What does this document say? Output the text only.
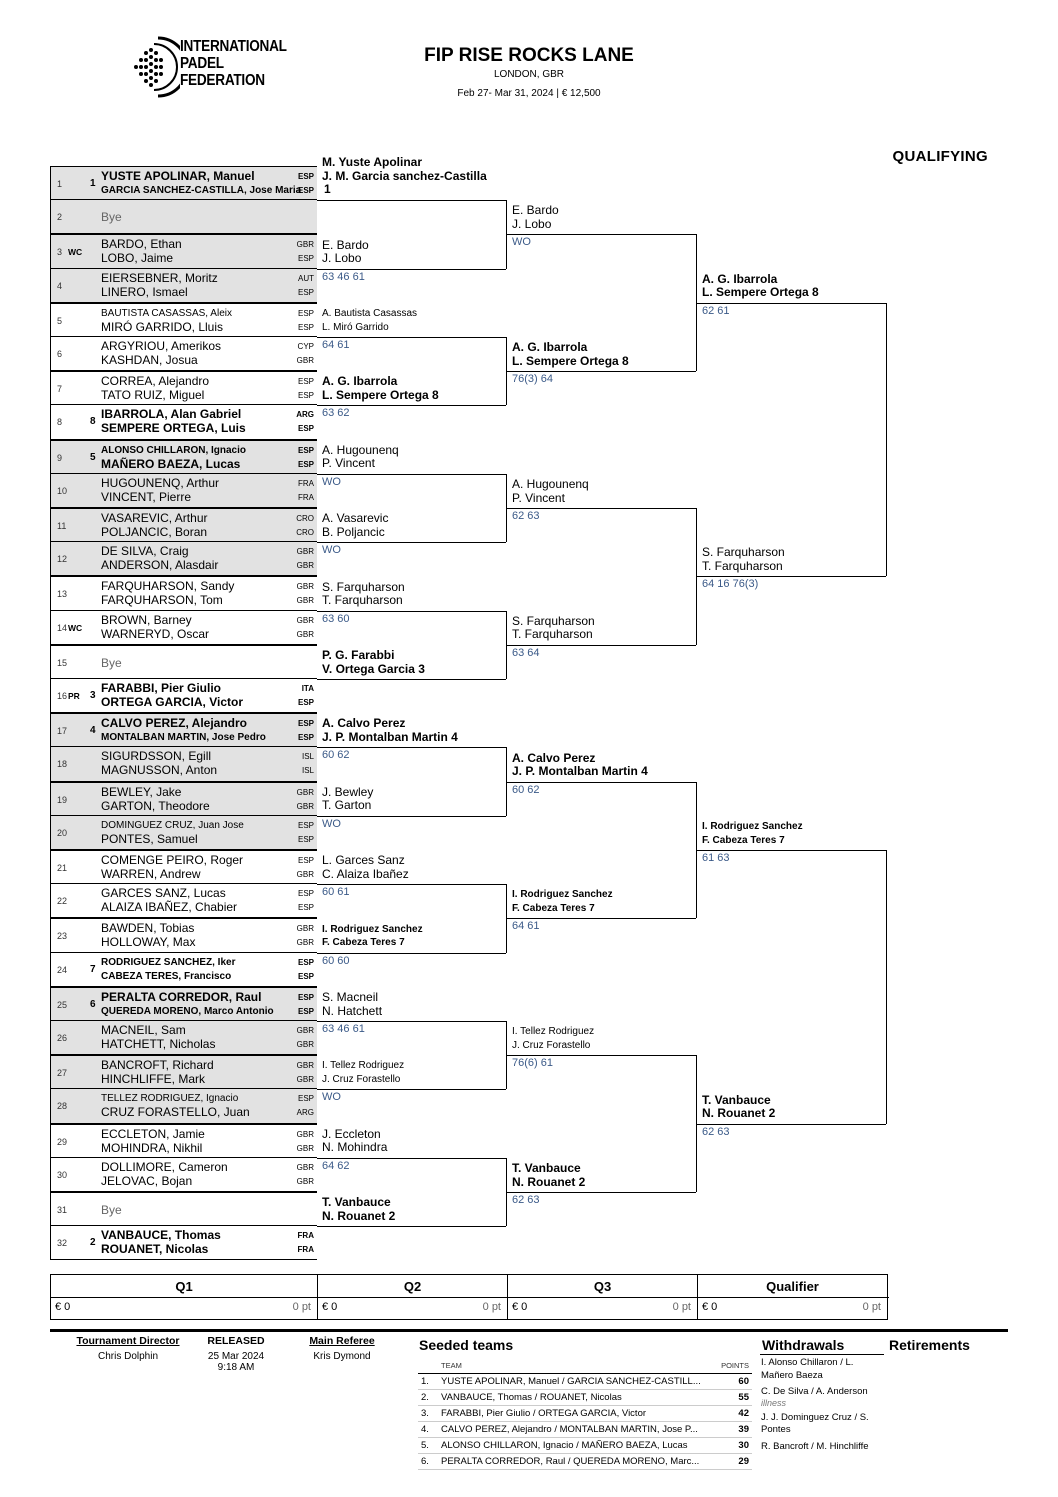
INTERNATIONAL
PADEL
FEDERATION
FIP RISE ROCKS LANE
LONDON, GBR
Feb 27- Mar 31, 2024 | € 12,500
QUALIFYING
1	1
YUSTE APOLINAR, Manuel	ESP
GARCIA SANCHEZ-CASTILLA, Jose Maria
ESP
2	Bye
3 WC
BARDO, Ethan	GBR
LOBO, Jaime	ESP
4
EIERSEBNER, Moritz	AUT
LINERO, Ismael	ESP
5
BAUTISTA CASASSAS, Aleix	ESP
MIRÓ GARRIDO, Lluis	ESP
6
ARGYRIOU, Amerikos	CYP
KASHDAN, Josua	GBR
7
CORREA, Alejandro	ESP
TATO RUIZ, Miguel	ESP
8	8
IBARROLA, Alan Gabriel	ARG
SEMPERE ORTEGA, Luis	ESP
9	5
ALONSO CHILLARON, Ignacio	ESP
MAÑERO BAEZA, Lucas	ESP
10
HUGOUNENQ, Arthur	FRA
VINCENT, Pierre	FRA
11
VASAREVIC, Arthur	CRO
POLJANCIC, Boran	CRO
12
DE SILVA, Craig	GBR
ANDERSON, Alasdair	GBR
13
FARQUHARSON, Sandy	GBR
FARQUHARSON, Tom	GBR
14 WC
BROWN, Barney	GBR
WARNERYD, Oscar	GBR
15	Bye
16 PR 3
FARABBI, Pier Giulio	ITA
ORTEGA GARCIA, Victor	ESP
17 4
CALVO PEREZ, Alejandro	ESP
MONTALBAN MARTIN, Jose Pedro	ESP
18
SIGURDSSON, Egill	ISL
MAGNUSSON, Anton	ISL
19
BEWLEY, Jake	GBR
GARTON, Theodore	GBR
20
DOMINGUEZ CRUZ, Juan Jose	ESP
PONTES, Samuel	ESP
21
COMENGE PEIRO, Roger	ESP
WARREN, Andrew	GBR
22
GARCES SANZ, Lucas	ESP
ALAIZA IBAÑEZ, Chabier	ESP
23
BAWDEN, Tobias	GBR
HOLLOWAY, Max	GBR
24 7
RODRIGUEZ SANCHEZ, Iker	ESP
CABEZA TERES, Francisco	ESP
25 6
PERALTA CORREDOR, Raul	ESP
QUEREDA MORENO, Marco Antonio	ESP
26
MACNEIL, Sam	GBR
HATCHETT, Nicholas	GBR
27
BANCROFT, Richard	GBR
HINCHLIFFE, Mark	GBR
28
TELLEZ RODRIGUEZ, Ignacio	ESP
CRUZ FORASTELLO, Juan	ARG
29
ECCLETON, Jamie	GBR
MOHINDRA, Nikhil	GBR
30
DOLLIMORE, Cameron	GBR
JELOVAC, Bojan	GBR
31	Bye
32 2
VANBAUCE, Thomas	FRA
ROUANET, Nicolas	FRA
M. Yuste Apolinar
J. M. Garcia sanchez-Castilla
1
E. Bardo
J. Lobo
63 46 61
A. Bautista Casassas
L. Miró Garrido
64 61
A. G. Ibarrola
L. Sempere Ortega 8
63 62
A. Hugounenq
P. Vincent
WO
A. Vasarevic
B. Poljancic
WO
S. Farquharson
T. Farquharson
63 60
P. G. Farabbi
V. Ortega Garcia 3
A. Calvo Perez
J. P. Montalban Martin 4
60 62
J. Bewley
T. Garton
WO
L. Garces Sanz
C. Alaiza Ibañez
60 61
I. Rodriguez Sanchez
F. Cabeza Teres 7
60 60
S. Macneil
N. Hatchett
63 46 61
I. Tellez Rodriguez
J. Cruz Forastello
WO
J. Eccleton
N. Mohindra
64 62
T. Vanbauce
N. Rouanet 2
E. Bardo
J. Lobo
WO
A. G. Ibarrola
L. Sempere Ortega 8
76(3) 64
A. Hugounenq
P. Vincent
62 63
S. Farquharson
T. Farquharson
63 64
A. Calvo Perez
J. P. Montalban Martin 4
60 62
I. Rodriguez Sanchez
F. Cabeza Teres 7
64 61
I. Tellez Rodriguez
J. Cruz Forastello
76(6) 61
T. Vanbauce
N. Rouanet 2
62 63
A. G. Ibarrola
L. Sempere Ortega 8
62 61
S. Farquharson
T. Farquharson
64 16 76(3)
I. Rodriguez Sanchez
F. Cabeza Teres 7
61 63
T. Vanbauce
N. Rouanet 2
62 63
Q1
€ 0	0 pt
Q2
€ 0	0 pt
Q3
€ 0	0 pt
Qualifier
€ 0	0 pt
Tournament Director
Chris Dolphin
RELEASED
25 Mar 2024
9:18 AM
Main Referee
Kris Dymond
Seeded teams
	TEAM	POINTS
1.	YUSTE APOLINAR, Manuel / GARCIA SANCHEZ-CASTILL...	60
2.	VANBAUCE, Thomas / ROUANET, Nicolas	55
3.	FARABBI, Pier Giulio / ORTEGA GARCIA, Victor	42
4.	CALVO PEREZ, Alejandro / MONTALBAN MARTIN, Jose P...	39
5.	ALONSO CHILLARON, Ignacio / MAÑERO BAEZA, Lucas	30
6.	PERALTA CORREDOR, Raul / QUEREDA MORENO, Marc...	29
Withdrawals	Retirements
I. Alonso Chillaron / L. Mañero Baeza
C. De Silva / A. Anderson
illness
J. J. Dominguez Cruz / S. Pontes
R. Bancroft / M. Hinchliffe
